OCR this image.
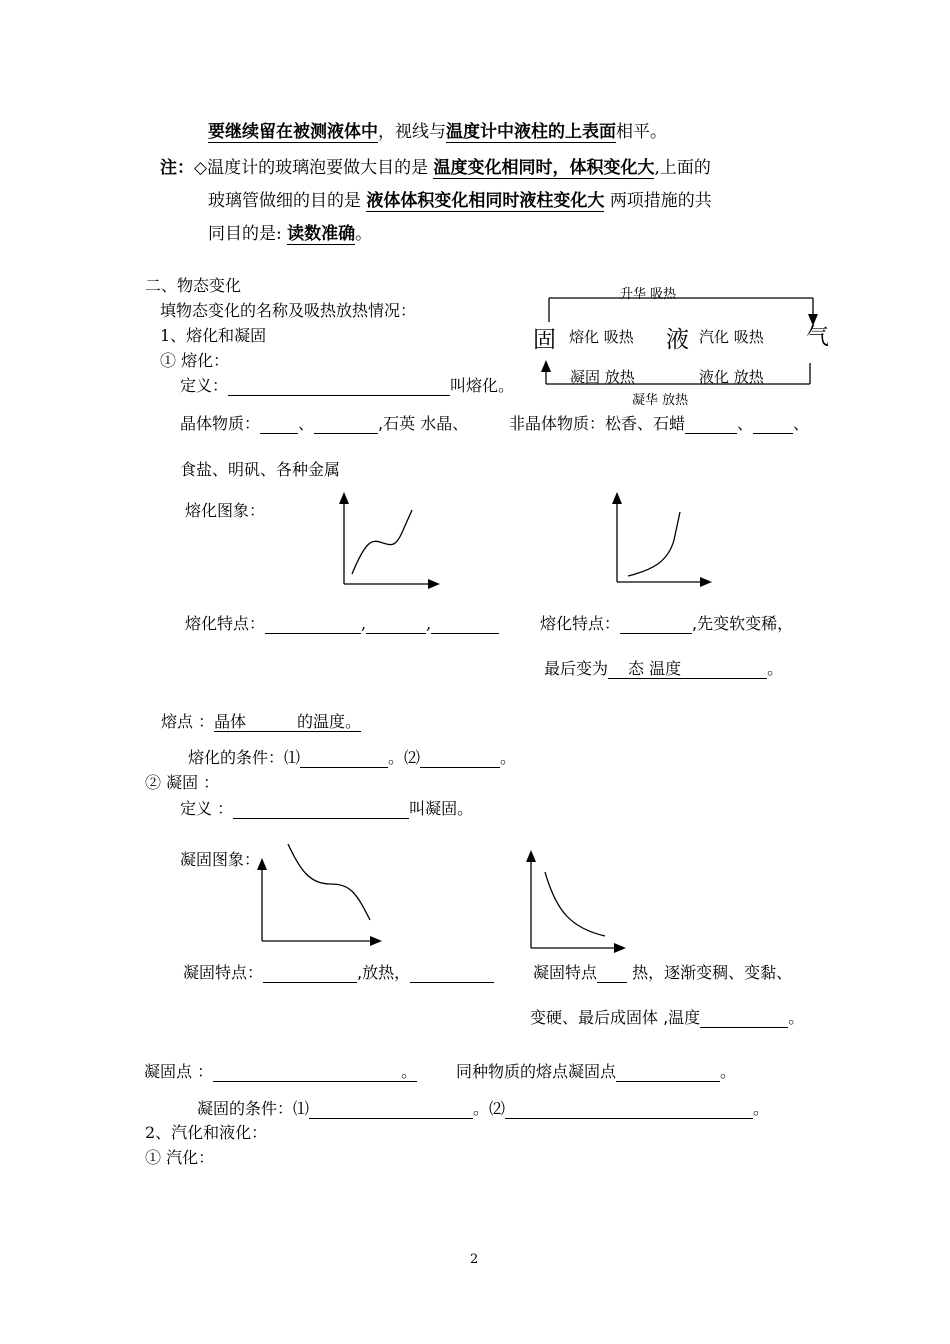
要继续留在被测液体中，视线与温度计中液柱的上表面相平。
注：◇温度计的玻璃泡要做大目的是 温度变化相同时，体积变化大,上面的
玻璃管做细的目的是 液体体积变化相同时液柱变化大 两项措施的共
同目的是: 读数准确。
二、物态变化
填物态变化的名称及吸热放热情况：
1、熔化和凝固
升华 吸热
凝华 放热
固	液	气
熔化 吸热
凝固 放热
汽化 吸热
液化 放热
① 熔化：
定义：	叫熔化。
晶体物质： 、	,石英 水晶、	非晶体物质：松香、石蜡	、	、
食盐、明矾、各种金属
熔化图象：
熔化特点：	,	,	熔化特点：	,先变软变稀，
最后变为 态 温度	。
熔点 ：晶体          的温度。
熔化的条件：⑴	。⑵	。
② 凝固 ：
定义 ：	叫凝固。
凝固图象：
凝固特点：	,放热，	凝固特点 热，逐渐变稠、变黏、
变硬、最后成固体 ,温度	。
凝固点 ：	。 同种物质的熔点凝固点	。
凝固的条件：⑴	。⑵	。
2、汽化和液化：
① 汽化：
2
